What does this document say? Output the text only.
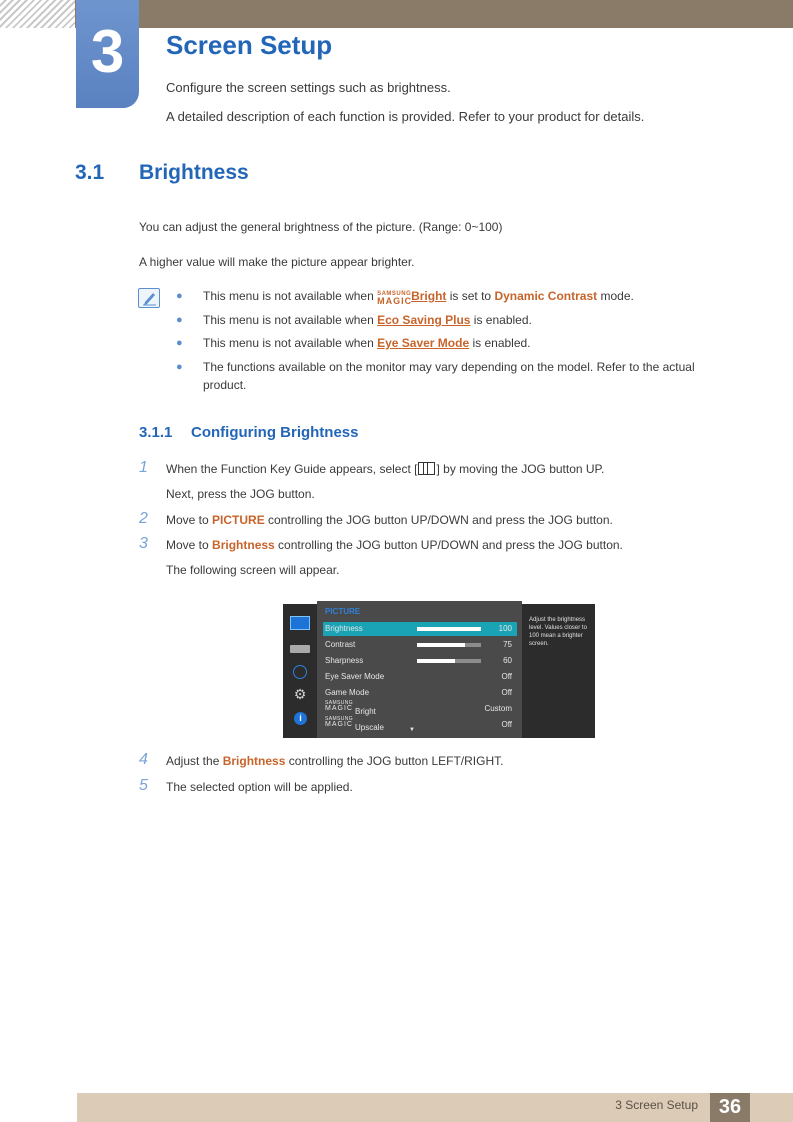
3	Screen Setup
Configure the screen settings such as brightness.
A detailed description of each function is provided. Refer to your product for details.
3.1 Brightness
You can adjust the general brightness of the picture. (Range: 0~100)
A higher value will make the picture appear brighter.
● This menu is not available when SAMSUNG
MAGIC Bright is set to Dynamic Contrast mode.
● This menu is not available when Eco Saving Plus is enabled.
● This menu is not available when Eye Saver Mode is enabled.
● The functions available on the monitor may vary depending on the model. Refer to the actual
product.
3.1.1 Configuring Brightness
1 When the Function Key Guide appears, select [ ] by moving the JOG button UP.
Next, press the JOG button.
2 Move to PICTURE controlling the JOG button UP/DOWN and press the JOG button.
3 Move to Brightness controlling the JOG button UP/DOWN and press the JOG button.
The following screen will appear.
⚙
i
PICTURE
Brightness	100
Contrast	75
Sharpness	60
Eye Saver Mode	Off
Game Mode	Off
SAMSUNG
MAGIC Bright	Custom
SAMSUNG
MAGIC Upscale	Off
▼
Adjust the brightness level. Values closer to 100 mean a brighter screen.
4 Adjust the Brightness controlling the JOG button LEFT/RIGHT.
5 The selected option will be applied.
3 Screen Setup	36
